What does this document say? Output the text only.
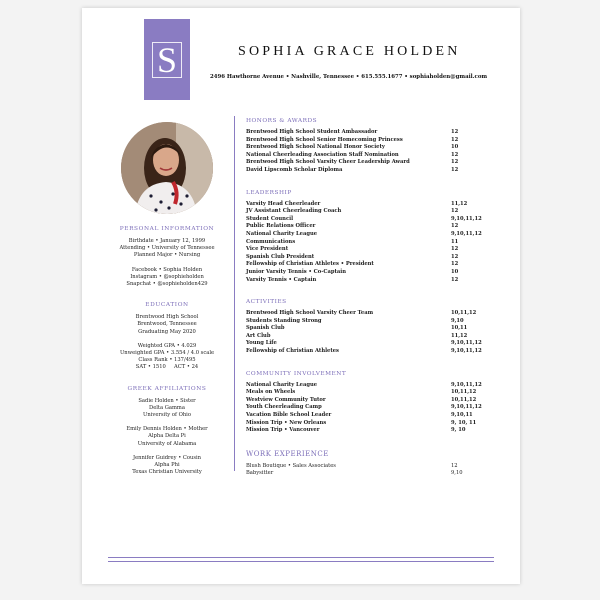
S	SOPHIA GRACE HOLDEN
2496 Hawthorne Avenue • Nashville, Tennessee • 615.555.1677 • sophiaholden@gmail.com
PERSONAL INFORMATION
Birthdate • January 12, 1999
Attending • University of Tennessee
Planned Major • Nursing
Facebook • Sophia Holden
Instagram • @sophieholden
Snapchat • @sophieholden429
EDUCATION
Brentwood High School
Brentwood, Tennessee
Graduating May 2020
Weighted GPA • 4.029
Unweighted GPA • 3.554 / 4.0 scale
Class Rank • 137/495
SAT • 1510     ACT • 24
GREEK AFFILIATIONS
Sadie Holden • Sister
Delta Gamma
University of Ohio
Emily Dennis Holden • Mother
Alpha Delta Pi
University of Alabama
Jennifer Guidrey • Cousin
Alpha Phi
Texas Christian University
HONORS & AWARDS
Brentwood High School Student Ambassador	12
Brentwood High School Senior Homecoming Princess	12
Brentwood High School National Honor Society	10
National Cheerleading Association Staff Nomination	12
Brentwood High School Varsity Cheer Leadership Award	12
David Lipscomb Scholar Diploma	12
LEADERSHIP
Varsity Head Cheerleader	11,12
JV Assistant Cheerleading Coach	12
Student Council	9,10,11,12
Public Relations Officer	12
National Charity League	9,10,11,12
Communications	11
Vice President	12
Spanish Club President	12
Fellowship of Christian Athletes • President	12
Junior Varsity Tennis • Co-Captain	10
Varsity Tennis • Captain	12
ACTIVITIES
Brentwood High School Varsity Cheer Team	10,11,12
Students Standing Strong	9,10
Spanish Club	10,11
Art Club	11,12
Young Life	9,10,11,12
Fellowship of Christian Athletes	9,10,11,12
COMMUNITY INVOLVEMENT
National Charity League	9,10,11,12
Meals on Wheels	10,11,12
Westview Community Tutor	10,11,12
Youth Cheerleading Camp	9,10,11,12
Vacation Bible School Leader	9,10,11
Mission Trip • New Orleans	9, 10, 11
Mission Trip • Vancouver	9, 10
WORK EXPERIENCE
Blush Boutique • Sales Associates	12
Babysitter	9,10
